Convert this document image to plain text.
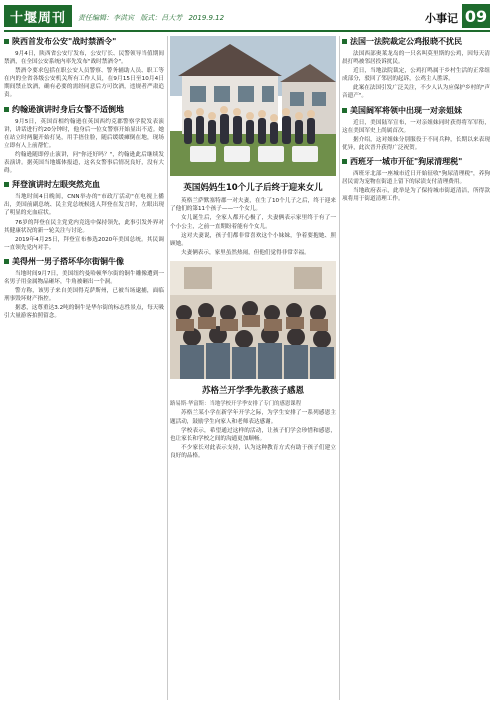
十堰周刊	责任编辑：李洪宾 版式：吕大芳 2019.9.12	小事记 09
陕西首发布公安"战时禁酒令"

9月4日，陕西省公安厅发布，公安厅长、民警领导当值期间禁酒，在全国公安系统内率先发布"战时禁酒令"。

禁酒令要求包括在职公安人员警察、警务辅助人员、职工等在内的全省各级公安机关所有工作人员，在9月15日至10月4日期间禁止饮酒，确有必要的需经同意后方可饮酒，违规者严肃追责。

约翰逊演讲时身后女警不适倒地

9月5日，英国首相约翰逊在英国西约克郡警察学院发表演讲，讲话进行约20分钟时，他身后一位女警察开始显出不适。她在站立时两腿开始打晃，用手捂住脸，随后缓缓瘫倒在地，现场立即有人上前帮忙。

约翰逊随即停止演讲，问"你还好吗？"，约翰逊此后继续发表演讲。据英国当地媒体报道，这名女警事后情况良好，没有大碍。

拜登演讲时左眼突然充血

当地时间4日晚间，CNN举办的"市政厅活动"在电视上播出，美国前副总统、民主党总统候选人拜登在发言时，左眼出现了明显的充血症状。

76岁的拜登在民主党党内竞选中保持领先，此事引发外界对其健康状况的新一轮关注与讨论。

2019年4月25日，拜登宣布参选2020年美国总统。其民调一直领先党内对手。

美得州一男子搭坏华尔街铜牛像

当地时间9月7日，美国纽约曼哈顿华尔街的铜牛雕像遭到一名男子用金属物品砸坏，牛角被砸出一个洞。

警方称，该男子来自美国得克萨斯州，已被当场逮捕，面临刑事毁坏财产指控。

据悉，这尊重达3.2吨的铜牛是华尔街的标志性景点，每天吸引大量游客拍照留念。

英国妈妈生10个儿子后终于迎来女儿

英格兰萨默塞特郡一对夫妻，在生了10个儿子之后，终于迎来了他们的第11个孩子——一个女儿。

女儿诞生后，全家人都开心极了，夫妻俩表示家里终于有了一个小公主，之前一直期盼着能有个女儿。

这对夫妻说，孩子们都非常喜欢这个小妹妹，争着要抱她、照顾她。

夫妻俩表示，家里虽然热闹，但他们觉得非常幸福。

苏格兰开学季先教孩子感恩

路易斯·华富斯：当地学校开学季安排了专门的感恩课程

苏格兰某小学在新学年开学之际，为学生安排了一系列感恩主题活动，鼓励学生向家人和老师表达感谢。

学校表示，希望通过这样的活动，让孩子们学会珍惜和感恩，也让家长和学校之间的沟通更加顺畅。

不少家长对此表示支持，认为这种教育方式有助于孩子们建立良好的品格。

法国一法院裁定公鸡报晓不扰民

法国西部奥莱龙岛的一只名叫莫里斯的公鸡，因每天清晨打鸣被邻居投诉扰民。

近日，当地法院裁定，公鸡打鸣属于乡村生活的正常组成部分，驳回了邻居的起诉，公鸡主人胜诉。

此案在法国引发广泛关注，不少人认为应保护乡村的"声音遗产"。

美国阔军将领中出现一对亲姐妹

近日，美国陆军宣布，一对亲姐妹同时获得将军军衔，这在美国军史上尚属首次。

据介绍，这对姐妹分别服役于不同兵种，长期以来表现优异，此次晋升获得广泛祝贺。

西班牙一城市开征"狗尿清理税"

西班牙北部一座城市近日开始征收"狗尿清理税"，养狗居民需为宠物在街道上留下的尿渍支付清理费用。

当地政府表示，此举是为了保持城市街道清洁，所得款项将用于街道清理工作。
